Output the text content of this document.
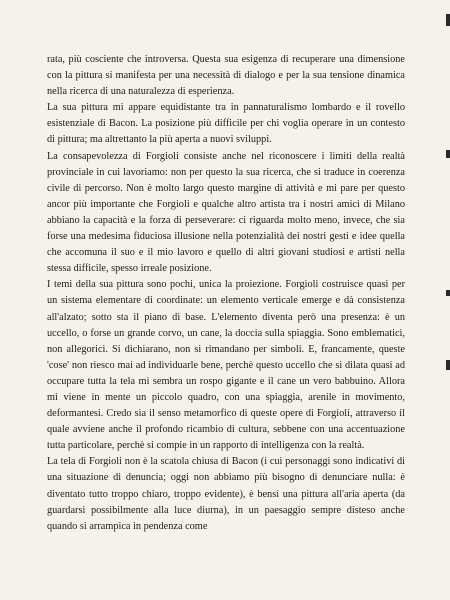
rata, più cosciente che introversa. Questa sua esigenza di recuperare una dimensione con la pittura si manifesta per una necessità di dialogo e per la sua tensione dinamica nella ricerca di una naturalezza di esperienza.

La sua pittura mi appare equidistante tra in pannaturalismo lombardo e il rovello esistenziale di Bacon. La posizione più difficile per chi voglia operare in un contesto di pittura; ma altrettanto la più aperta a nuovi sviluppi.

La consapevolezza di Forgioli consiste anche nel riconoscere i limiti della realtà provinciale in cui lavoriamo: non per questo la sua ricerca, che si traduce in coerenza civile di percorso. Non è molto largo questo margine di attività e mi pare per questo ancor più importante che Forgioli e qualche altro artista tra i nostri amici di Milano abbiano la capacità e la forza di perseverare: ci riguarda molto meno, invece, che sia forse una medesima fiduciosa illusione nella potenzialità dei nostri gesti e idee quella che accomuna il suo e il mio lavoro e quello di altri giovani studiosi e artisti nella stessa difficile, spesso irreale posizione.

I temi della sua pittura sono pochi, unica la proiezione. Forgioli costruisce quasi per un sistema elementare di coordinate: un elemento verticale emerge e dà consistenza all'alzato; sotto sta il piano di base. L'elemento diventa però una presenza: è un uccello, o forse un grande corvo, un cane, la doccia sulla spiaggia. Sono emblematici, non allegorici. Si dichiarano, non si rimandano per simboli. E, francamente, queste 'cose' non riesco mai ad individuarle bene, perchè questo uccello che si dilata quasi ad occupare tutta la tela mi sembra un rospo gigante e il cane un vero babbuino. Allora mi viene in mente un piccolo quadro, con una spiaggia, arenile in movimento, deformantesi. Credo sia il senso metamorfico di queste opere di Forgioli, attraverso il quale avviene anche il profondo ricambio di cultura, sebbene con una accentuazione tutta particolare, perchè si compie in un rapporto di intelligenza con la realtà.

La tela di Forgioli non è la scatola chiusa di Bacon (i cui personaggi sono indicativi di una situazione di denuncia; oggi non abbiamo più bisogno di denunciare nulla: è diventato tutto troppo chiaro, troppo evidente), è bensì una pittura all'aria aperta (da guardarsi possibilmente alla luce diurna), in un paesaggio sempre disteso anche quando si arrampica in pendenza come
